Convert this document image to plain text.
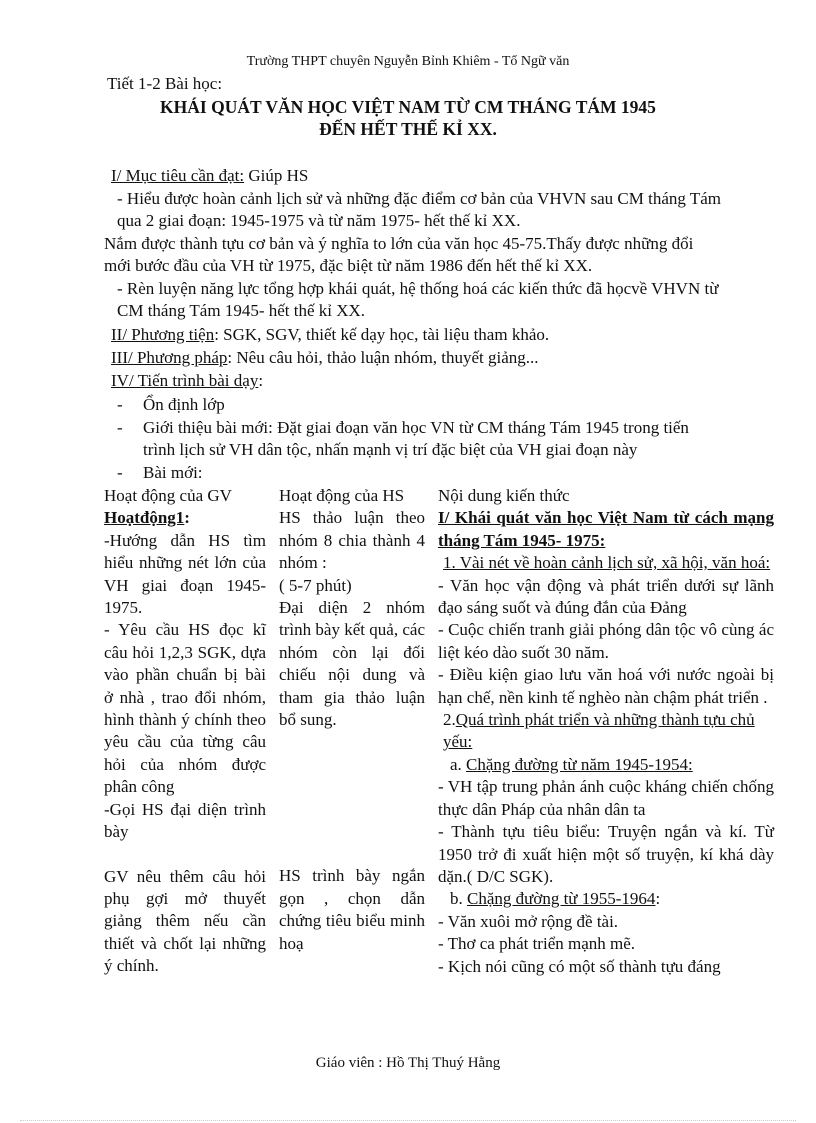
Trường THPT chuyên Nguyễn Bỉnh Khiêm - Tổ Ngữ văn
Tiết 1-2 Bài học:
KHÁI QUÁT VĂN HỌC VIỆT NAM TỪ CM THÁNG TÁM 1945
ĐẾN HẾT THẾ KỈ XX.
I/ Mục tiêu cần đạt: Giúp HS
- Hiểu được hoàn cảnh lịch sử và những đặc điểm cơ bản của VHVN sau CM tháng Tám
qua 2 giai đoạn: 1945-1975 và từ năm 1975- hết thế kỉ XX.
Nắm được thành tựu cơ bản và ý nghĩa to lớn của văn học 45-75.Thấy được những đổi
mới bước đầu của VH từ 1975, đặc biệt từ năm 1986 đến hết thế kỉ XX.
- Rèn luyện năng lực tổng hợp khái quát, hệ thống hoá các kiến thức đã họcvề VHVN từ
CM tháng Tám 1945- hết thế kỉ XX.
II/ Phương tiện: SGK, SGV, thiết kế dạy học, tài liệu tham khảo.
III/ Phương pháp: Nêu câu hỏi, thảo luận nhóm, thuyết giảng...
IV/ Tiến trình bài dạy:
- Ổn định lớp
- Giới thiệu bài mới: Đặt giai đoạn văn học VN từ CM tháng Tám 1945 trong tiến
trình lịch sử VH dân tộc, nhấn mạnh vị trí đặc biệt của VH giai đoạn này
- Bài mới:

Hoạt động của GV

Hoạtđộng1:

-Hướng dẫn HS tìm hiểu những nét lớn của VH giai đoạn 1945-1975.

- Yêu cầu HS đọc kĩ câu hỏi 1,2,3 SGK, dựa vào phần chuẩn bị bài ở nhà , trao đổi nhóm, hình thành ý chính theo yêu cầu của từng câu hỏi của nhóm được phân công

-Gọi HS đại diện trình bày

GV nêu thêm câu hỏi phụ gợi mở thuyết giảng thêm nếu cần thiết và chốt lại những ý chính.

Hoạt động của HS

HS thảo luận theo nhóm 8 chia thành 4 nhóm :

( 5-7 phút)

Đại diện 2 nhóm trình bày kết quả, các nhóm còn lại đối chiếu nội dung và tham gia thảo luận bổ sung.

HS trình bày ngắn gọn , chọn dẫn chứng tiêu biểu minh hoạ

Nội dung kiến thức

I/ Khái quát văn học Việt Nam từ cách mạng tháng Tám 1945- 1975:

1. Vài nét về hoàn cảnh lịch sử, xã hội, văn hoá:

- Văn học vận động và phát triển dưới sự lãnh đạo sáng suốt và đúng đắn của Đảng

- Cuộc chiến tranh giải phóng dân tộc vô cùng ác liệt kéo dào suốt 30 năm.

- Điều kiện giao lưu văn hoá với nước ngoài bị hạn chế, nền kinh tế nghèo nàn chậm phát triển .

2.Quá trình phát triển và những thành tựu chủ yếu:

a. Chặng đường từ năm 1945-1954:

- VH tập trung phản ánh cuộc kháng chiến chống thực dân Pháp của nhân dân ta

- Thành tựu tiêu biểu: Truyện ngắn và kí. Từ 1950 trở đi xuất hiện một số truyện, kí khá dày dặn.( D/C SGK).

b. Chặng đường từ 1955-1964:

- Văn xuôi mở rộng đề tài.

- Thơ ca phát triển mạnh mẽ.

- Kịch nói cũng có một số thành tựu đáng

Giáo viên : Hồ Thị Thuý Hằng
